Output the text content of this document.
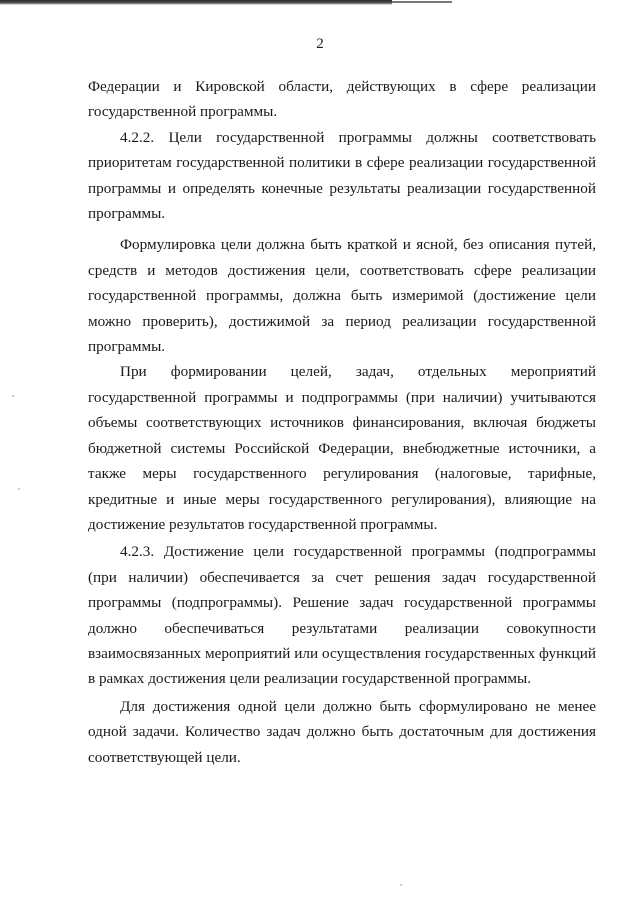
2
Федерации и Кировской области, действующих в сфере реализации
государственной программы.
4.2.2. Цели государственной программы должны соответствовать
приоритетам государственной политики в сфере реализации государственной
программы и определять конечные результаты реализации государственной
программы.
Формулировка цели должна быть краткой и ясной, без описания путей,
средств и методов достижения цели, соответствовать сфере реализации
государственной программы, должна быть измеримой (достижение цели
можно проверить), достижимой за период реализации государственной
программы.
При формировании целей, задач, отдельных мероприятий
государственной программы и подпрограммы (при наличии) учитываются
объемы соответствующих источников финансирования, включая бюджеты
бюджетной системы Российской Федерации, внебюджетные источники, а
также меры государственного регулирования (налоговые, тарифные,
кредитные и иные меры государственного регулирования), влияющие на
достижение результатов государственной программы.
4.2.3. Достижение цели государственной программы (подпрограммы
(при наличии) обеспечивается за счет решения задач государственной
программы (подпрограммы). Решение задач государственной программы
должно обеспечиваться результатами реализации совокупности
взаимосвязанных мероприятий или осуществления государственных функций
в рамках достижения цели реализации государственной программы.
Для достижения одной цели должно быть сформулировано не менее
одной задачи. Количество задач должно быть достаточным для достижения
соответствующей цели.
